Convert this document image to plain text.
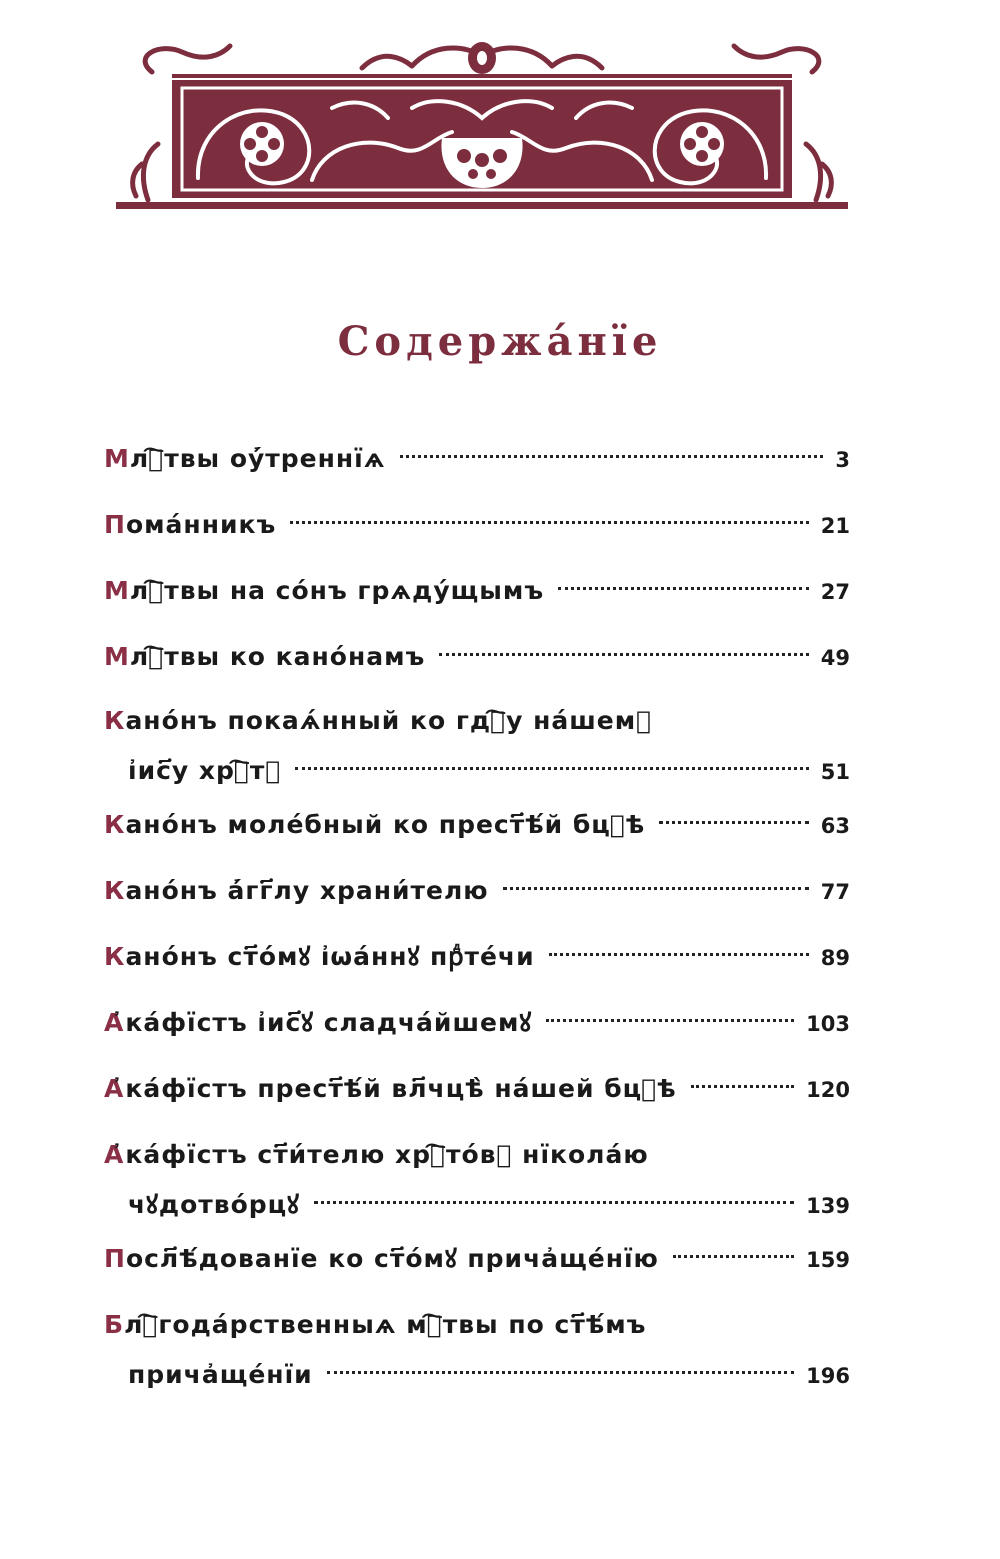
Содержа́нїе
М лⷭ҇твы оу҆́треннїѧ	3
П ома́нникъ	21
М лⷭ҇твы на со́нъ грѧду́щымъ	27
М лⷭ҇твы ко кано́намъ	49
К ано́нъ покаѧ́нный ко гдⷭ҇у на́шемꙋ
і҆ис҃у хрⷭ҇тꙋ	51
К ано́нъ моле́бный ко прест҃ѣ́й бцⷣѣ	63
К ано́нъ а҆́гг҃лу храни́телю	77
К ано́нъ ст҃о́мꙋ і҆ѡа́ннꙋ прⷣте́чи	89
А ҆ка́фїстъ і҆ис҃ꙋ сладча́йшемꙋ	103
А ҆ка́фїстъ прест҃ѣ́й вл҃чцѣ̀ на́шей бцⷣѣ	120
А ҆ка́фїстъ ст҃и́телю хрⷭ҇то́вꙋ нїкола́ю
чꙋдотво́рцꙋ	139
П осл҃ѣ́дованїе ко ст҃о́мꙋ прича҆ще́нїю	159
Б лⷢ҇года́рственныѧ мⷧ҇твы по ст҃ѣ́мъ
прича҆ще́нїи	196
